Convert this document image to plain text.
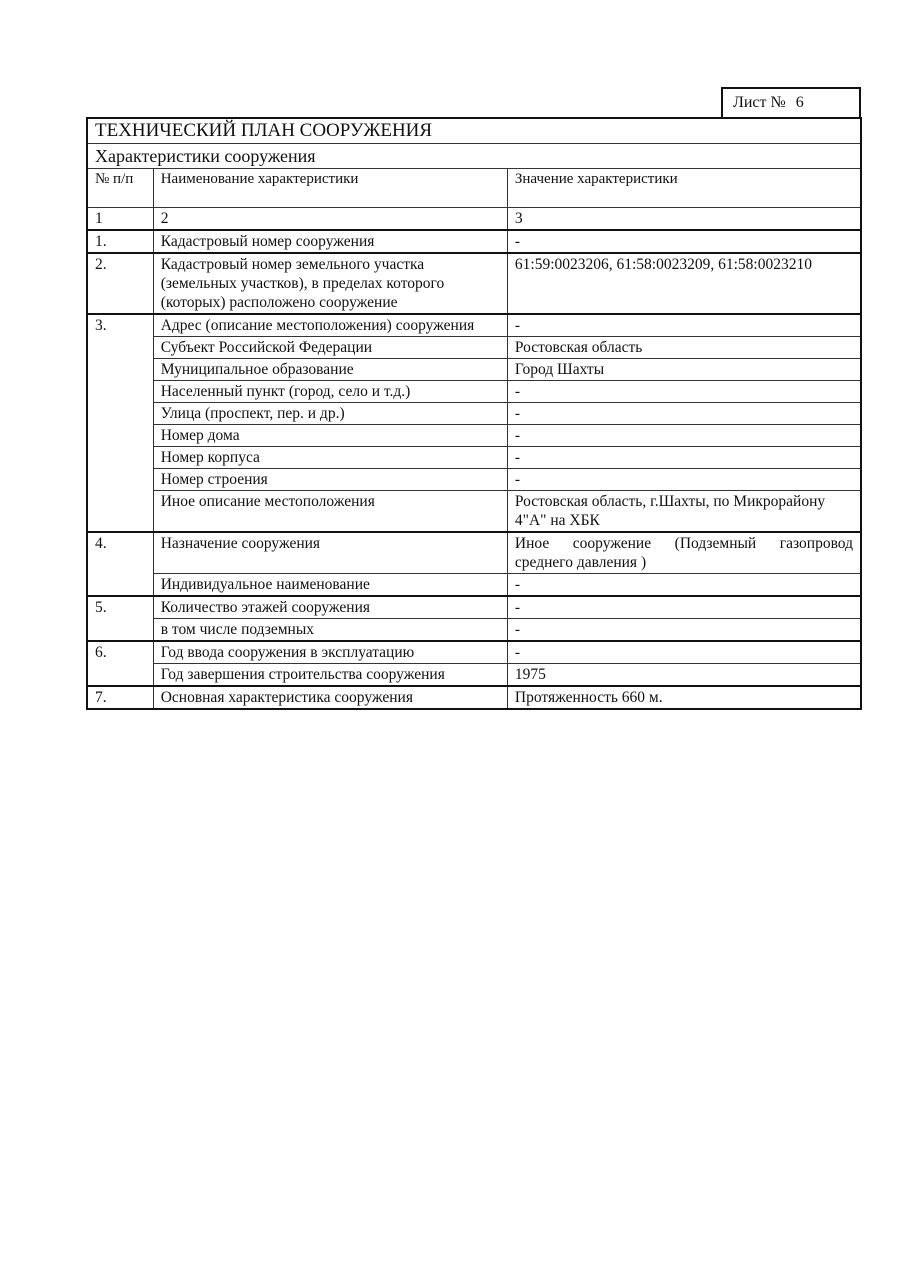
Лист № 6
ТЕХНИЧЕСКИЙ ПЛАН СООРУЖЕНИЯ		
Характеристики сооружения		
№ п/п	Наименование характеристики	Значение характеристики
1	2	3
1.	Кадастровый номер сооружения	-
2.	Кадастровый номер земельного участка (земельных участков), в пределах которого (которых) расположено сооружение	61:59:0023206, 61:58:0023209, 61:58:0023210
3.	Адрес (описание местоположения) сооружения	-
	Субъект Российской Федерации	Ростовская область
	Муниципальное образование	Город Шахты
	Населенный пункт (город, село и т.д.)	-
	Улица (проспект, пер. и др.)	-
	Номер дома	-
	Номер корпуса	-
	Номер строения	-
	Иное описание местоположения	Ростовская область, г.Шахты, по Микрорайону 4"А" на ХБК
4.	Назначение сооружения	Иное сооружение (Подземный газопровод среднего давления )
	Индивидуальное наименование	-
5.	Количество этажей сооружения	-
	в том числе подземных	-
6.	Год ввода сооружения в эксплуатацию	-
	Год завершения строительства сооружения	1975
7.	Основная характеристика сооружения	Протяженность 660 м.
